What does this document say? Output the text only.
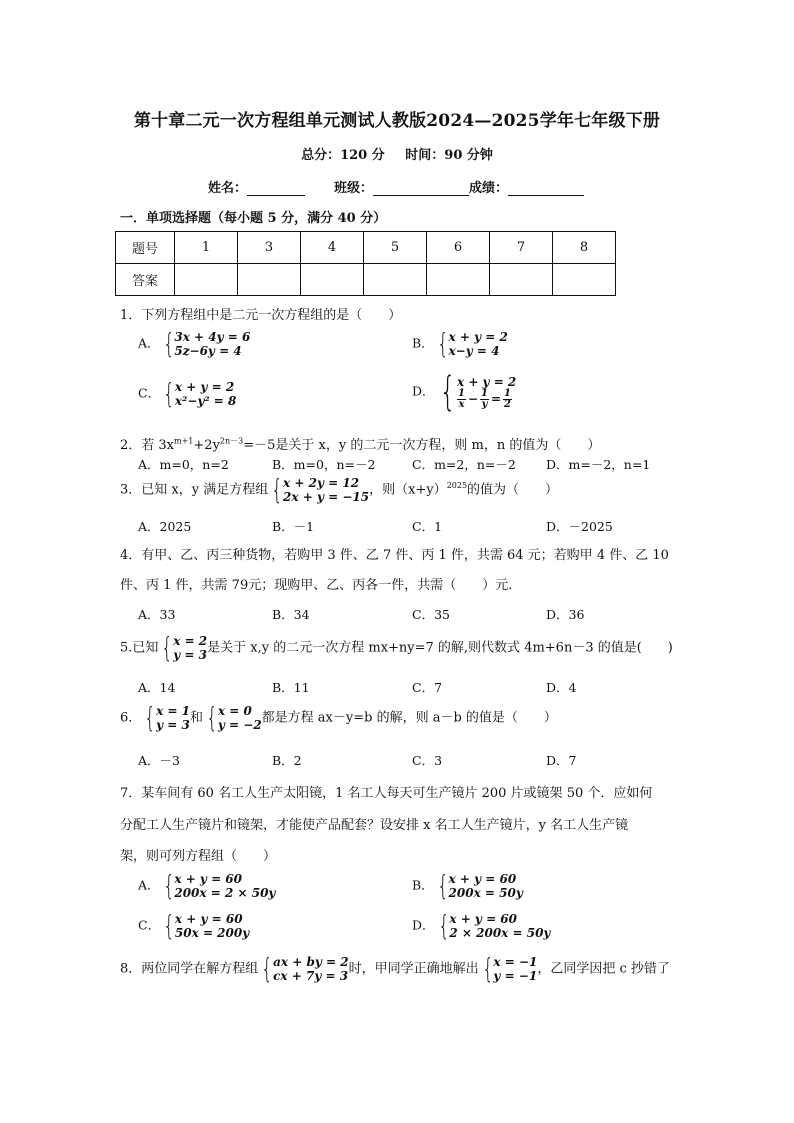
第十章二元一次方程组单元测试人教版2024—2025学年七年级下册
总分：120 分 时间：90 分钟
姓名：	班级：	成绩：
一．单项选择题（每小题 5 分，满分 40 分）
题号	1	3	4	5	6	7	8
答案							
1．下列方程组中是二元一次方程组的是（　　）
A． { 3x + 4y = 6
5z−6y = 4
B． { x + y = 2
x−y = 4
C． { x + y = 2
x²−y² = 8
D． { x + y = 2
$\frac{1}{x} - \frac{1}{y} = \frac{1}{2}$
2．若 $3x^{m+1}+2y^{2n-3}=-5$是关于 x，y 的二元一次方程，则 m，n 的值为（　　）
A．m=0，n=2	B．m=0，n=－2	C．m=2，n=－2 D．m=－2，n=1
3．已知 x，y 满足方程组 { x + 2y = 12
2x + y = −15 ，则$(x+y)^{2025}$的值为（　　）
A．2025	B．－1	C．1	D．－2025
4．有甲、乙、丙三种货物，若购甲 3 件、乙 7 件、丙 1 件，共需 64 元；若购甲 4 件、乙 10
件、丙 1 件，共需 79元；现购甲、乙、丙各一件，共需（　　）元．
A．33	B．34	C．35	D．36
5.已知 { x = 2
y = 3 是关于 x,y 的二元一次方程 mx+ny=7 的解,则代数式 4m+6n－3 的值是(　　)
A．14	B．11	C．7	D．4
6． { x = 1
y = 3 和 { x = 0
y = −2 都是方程 ax－y=b 的解，则 a－b 的值是（　　）
A．－3	B．2	C．3	D．7
7．某车间有 60 名工人生产太阳镜，1 名工人每天可生产镜片 200 片或镜架 50 个．应如何
分配工人生产镜片和镜架，才能使产品配套？设安排 x 名工人生产镜片，y 名工人生产镜
架，则可列方程组（　　）
A． { x + y = 60
200x = 2 × 50y
B． { x + y = 60
200x = 50y
C． { x + y = 60
50x = 200y
D． { x + y = 60
2 × 200x = 50y
8．两位同学在解方程组 { ax + by = 2
cx + 7y = 3 时，甲同学正确地解出 { x = −1
y = −1 ，乙同学因把 c 抄错了
